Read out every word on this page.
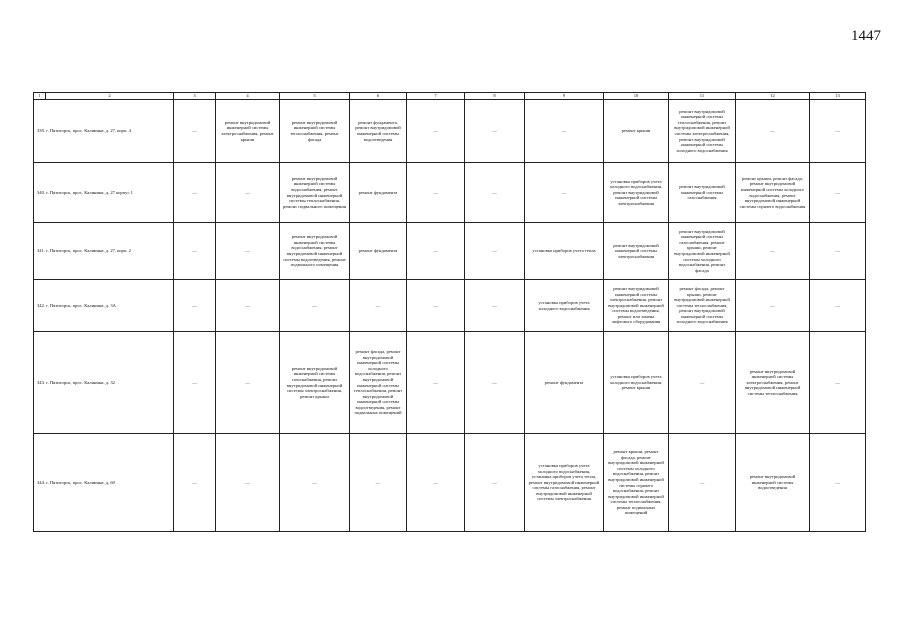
1447
1	2	3	4	5	6	7	8	9	10	11	12	13
339. г. Пятигорск, прос. Калинина, д. 27, корп. 4		—	ремонт внутридомовой инженерной системы электроснабжения, ремонт крыши	ремонт внутридомовой инженерной системы теплоснабжения, ремонт фасада	ремонт фундамента, ремонт внутридомовой инженерной системы водоотведения	—	—	—	ремонт крыши	ремонт внутридомовой инженерной системы теплоснабжения, ремонт внутридомовой инженерной системы электроснабжения, ремонт внутридомовой инженерной системы холодного водоснабжения	—	—
340. г. Пятигорск, прос. Калинина, д. 27 корпус 1		—	—	ремонт внутридомовой инженерной системы водоснабжения, ремонт внутридомовой инженерной системы теплоснабжения, ремонт подвального помещения	ремонт фундамента	—	—	—	установка приборов учета холодного водоснабжения, ремонт внутридомовой инженерной системы электроснабжения	ремонт внутридомовой инженерной системы газоснабжения	ремонт крыши, ремонт фасада, ремонт внутридомовой инженерной системы холодного водоснабжения, ремонт внутридомовой инженерной системы горячего водоснабжения	—
341. г. Пятигорск, прос. Калинина, д. 27, корп. 2		—	—	ремонт внутридомовой инженерной системы водоснабжения, ремонт внутридомовой инженерной системы водоотведения, ремонт подвального помещения	ремонт фундамента	—	—	установка приборов учета тепла	ремонт внутридомовой инженерной системы электроснабжения	ремонт внутридомовой инженерной системы газоснабжения, ремонт крыши, ремонт внутридомовой инженерной системы холодного водоснабжения, ремонт фасада	—	—
342. г. Пятигорск, прос. Калинина, д. 3А		—	—	—	—	—	—	установка приборов учета холодного водоснабжения	ремонт внутридомовой инженерной системы электроснабжения, ремонт внутридомовой инженерной системы водоотведения, ремонт или замена лифтового оборудования	ремонт фасада, ремонт крыши, ремонт внутридомовой инженерной системы теплоснабжения, ремонт внутридомовой инженерной системы холодного водоснабжения	—	—
343. г. Пятигорск, прос. Калинина, д. 32		—	—	ремонт внутридомовой инженерной системы газоснабжения, ремонт внутридомовой инженерной системы электроснабжения, ремонт крыши	ремонт фасада, ремонт внутридомовой инженерной системы холодного водоснабжения, ремонт внутридомовой инженерной системы теплоснабжения, ремонт внутридомовой инженерной системы водоотведения, ремонт подвальных помещений	—	—	ремонт фундамента	установка приборов учета холодного водоснабжения, ремонт крыши	—	ремонт внутридомовой инженерной системы электроснабжения, ремонт внутридомовой инженерной системы теплоснабжения	—
344. г. Пятигорск, прос. Калинина, д. 60		—	—	—	—	—	—	установка приборов учета холодного водоснабжения, установка приборов учета тепла, ремонт внутридомовой инженерной системы газоснабжения, ремонт внутридомовой инженерной системы электроснабжения	ремонт крыши, ремонт фасада, ремонт внутридомовой инженерной системы холодного водоснабжения, ремонт внутридомовой инженерной системы горячего водоснабжения, ремонт внутридомовой инженерной системы теплоснабжения, ремонт подвальных помещений	—	ремонт внутридомовой инженерной системы водоотведения	—
